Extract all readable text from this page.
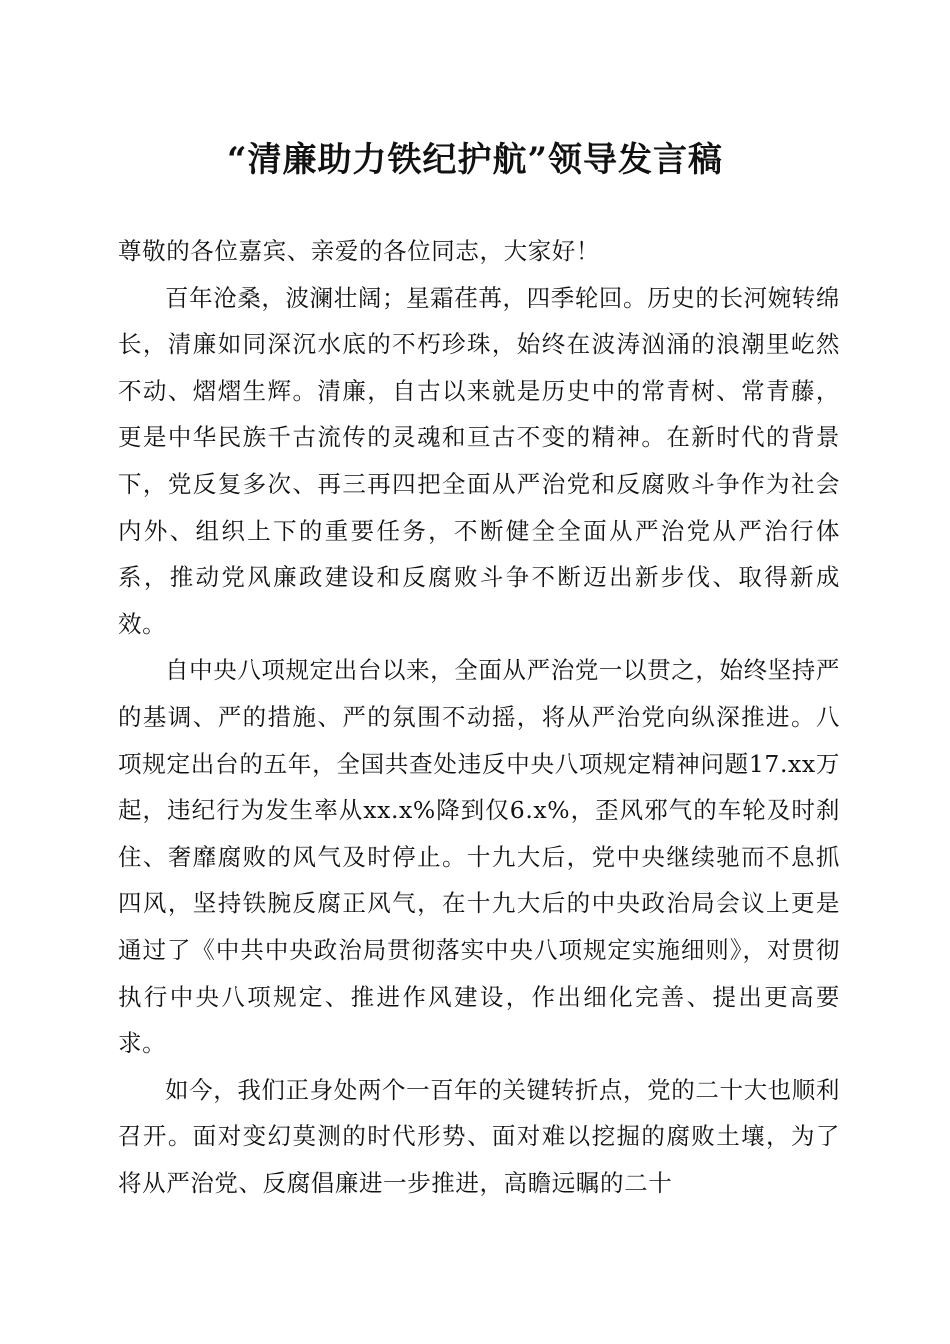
“清廉助力铁纪护航”领导发言稿

尊敬的各位嘉宾、亲爱的各位同志，大家好！

百年沧桑，波澜壮阔；星霜荏苒，四季轮回。历史的长河婉转绵长，清廉如同深沉水底的不朽珍珠，始终在波涛汹涌的浪潮里屹然不动、熠熠生辉。清廉，自古以来就是历史中的常青树、常青藤，更是中华民族千古流传的灵魂和亘古不变的精神。在新时代的背景下，党反复多次、再三再四把全面从严治党和反腐败斗争作为社会内外、组织上下的重要任务，不断健全全面从严治党从严治行体系，推动党风廉政建设和反腐败斗争不断迈出新步伐、取得新成效。

自中央八项规定出台以来，全面从严治党一以贯之，始终坚持严的基调、严的措施、严的氛围不动摇，将从严治党向纵深推进。八项规定出台的五年，全国共查处违反中央八项规定精神问题17.xx万起，违纪行为发生率从xx.x%降到仅6.x%，歪风邪气的车轮及时刹住、奢靡腐败的风气及时停止。十九大后，党中央继续驰而不息抓四风，坚持铁腕反腐正风气，在十九大后的中央政治局会议上更是通过了《中共中央政治局贯彻落实中央八项规定实施细则》，对贯彻执行中央八项规定、推进作风建设，作出细化完善、提出更高要求。

如今，我们正身处两个一百年的关键转折点，党的二十大也顺利召开。面对变幻莫测的时代形势、面对难以挖掘的腐败土壤，为了将从严治党、反腐倡廉进一步推进，高瞻远瞩的二十
